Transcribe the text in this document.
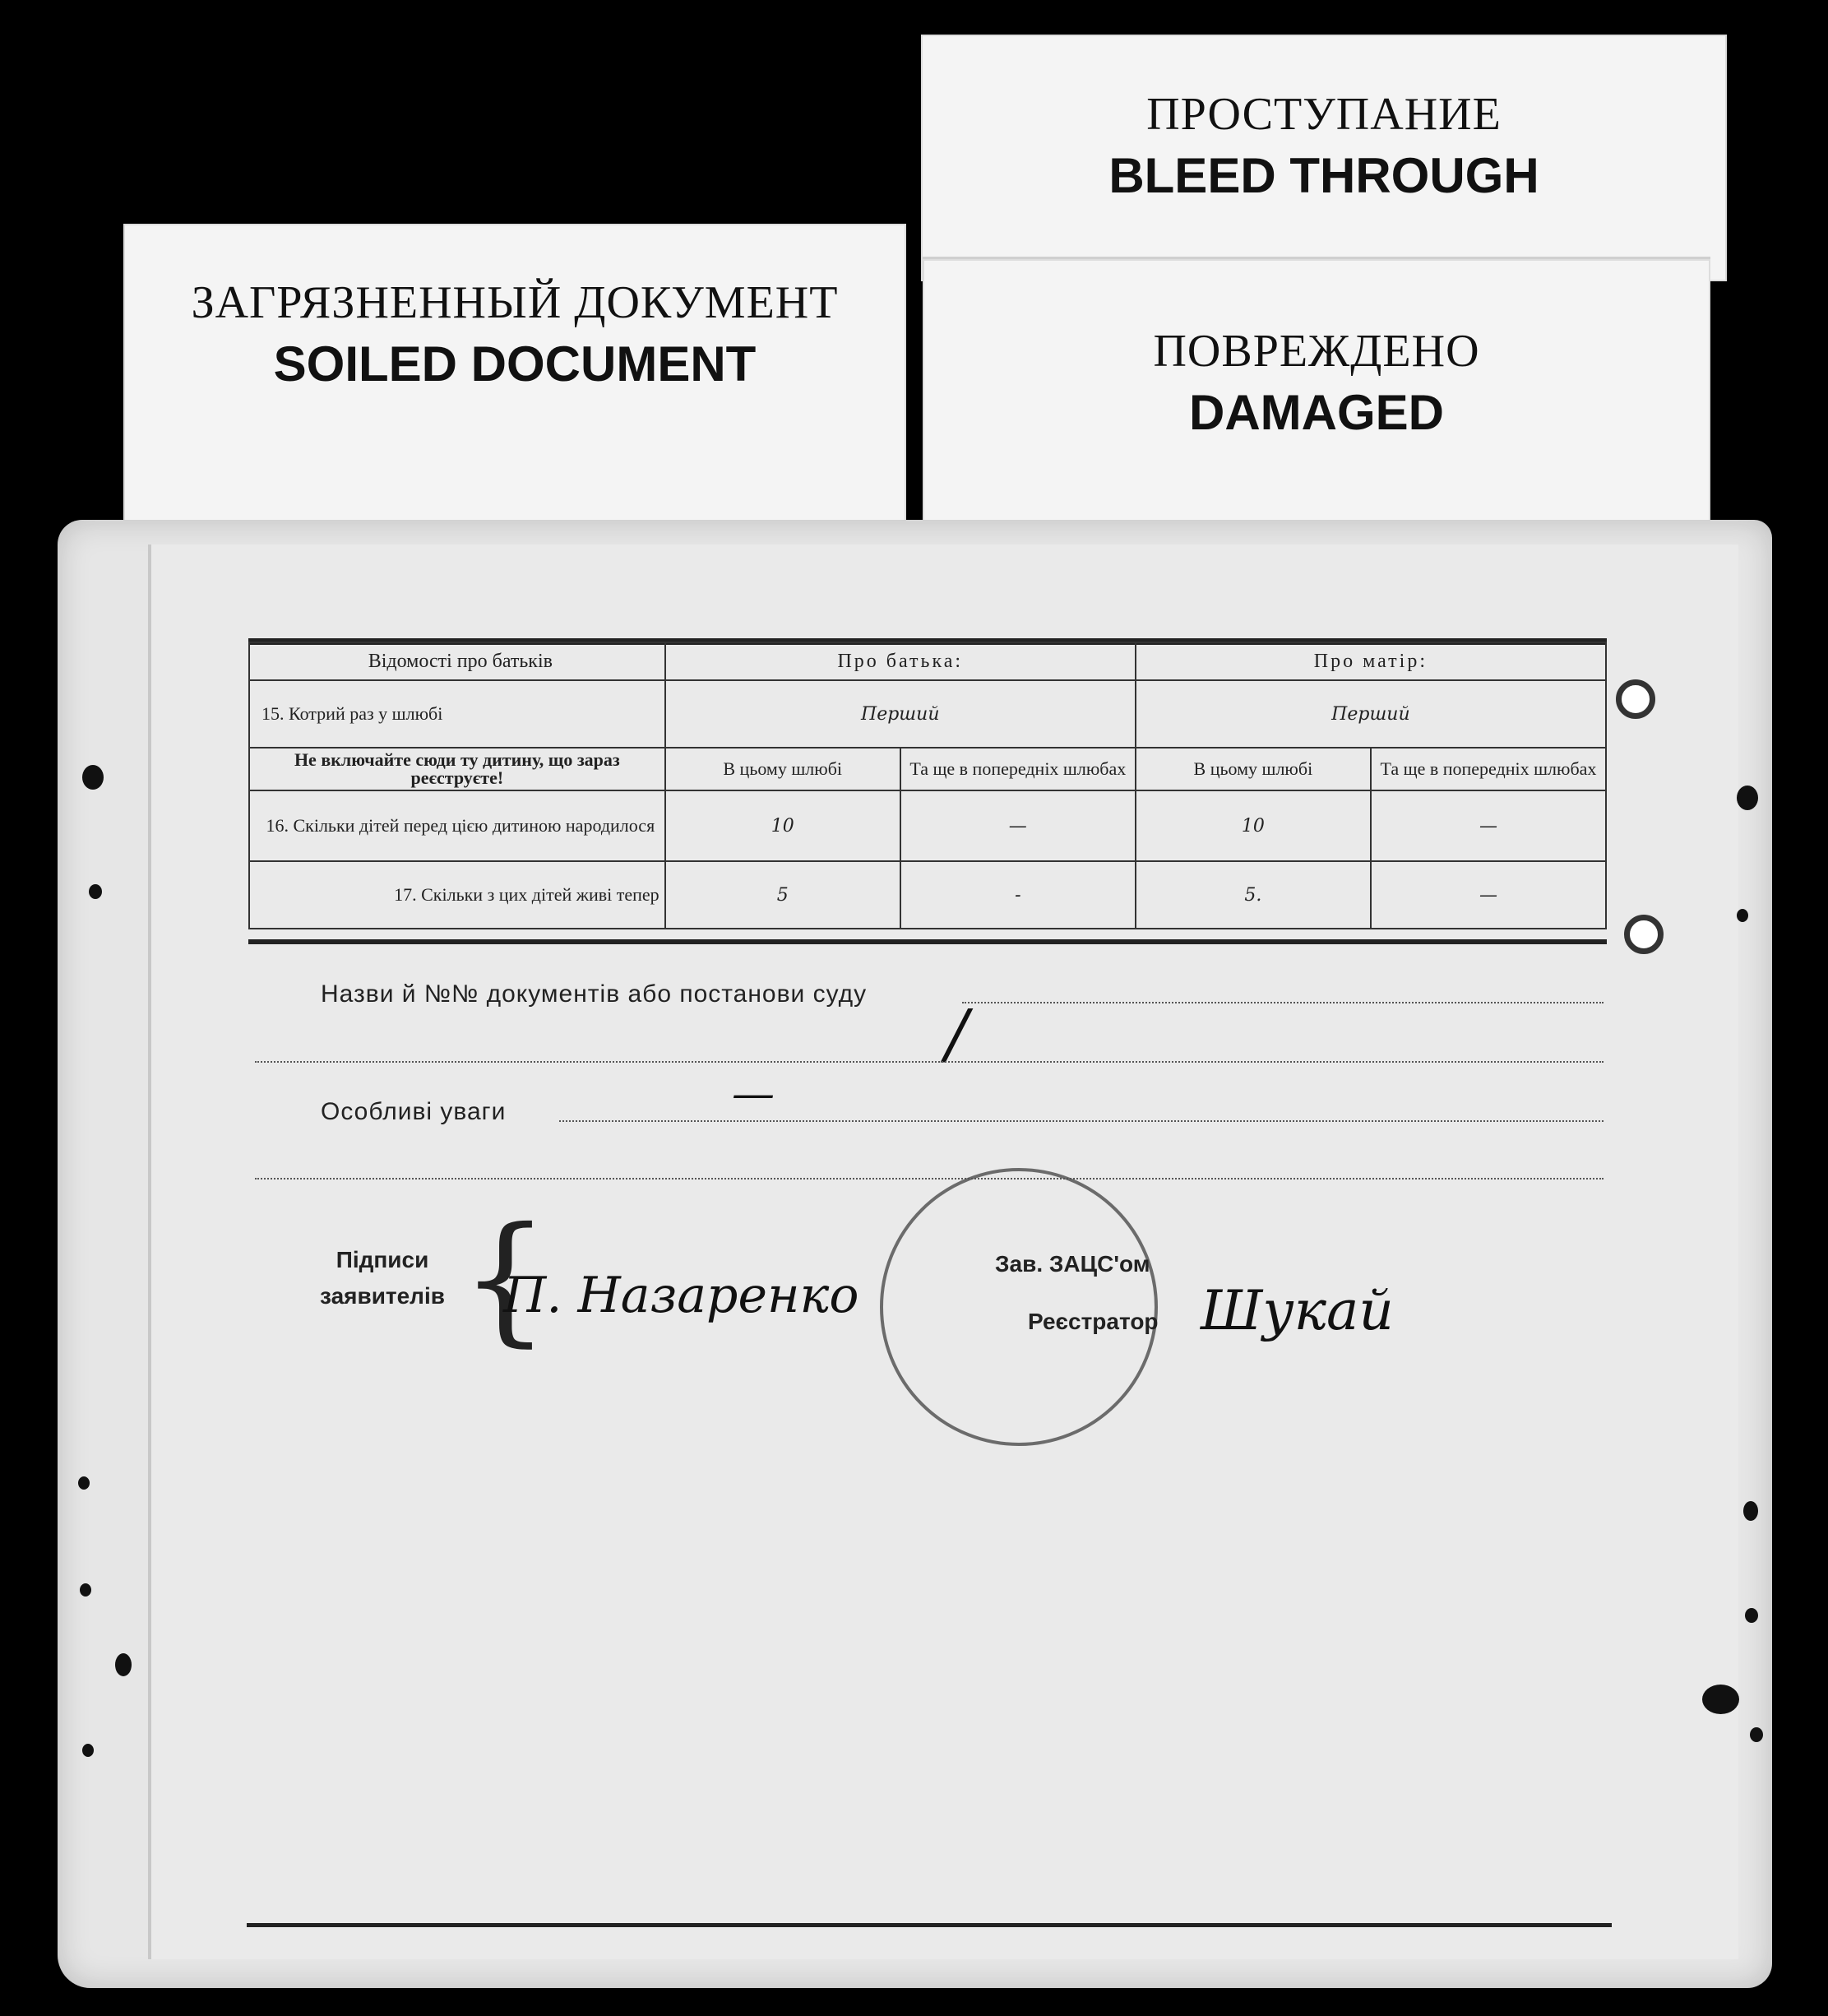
ЗАГРЯЗНЕННЫЙ ДОКУМЕНТ
SOILED DOCUMENT
ПРОСТУПАНИЕ
BLEED THROUGH
ПОВРЕЖДЕНО
DAMAGED
Відомості про батьків	Про батька:		Про матір:	
15. Котрий раз у шлюбі	Перший		Перший	
Не включайте сюди ту дитину, що зараз реєструєте!	В цьому шлюбі	Та ще в попередніх шлюбах	В цьому шлюбі	Та ще в попередніх шлюбах
16. Скільки дітей перед цією дитиною народилося	10	—	10	—
17. Скільки з цих дітей живі тепер	5	-	5.	—
Назви й №№ документів або постанови суду
/
Особливі уваги	—
Підписи заявителів {
П. Назаренко
Зав. ЗАЦС'ом
Реєстратор Шукай
